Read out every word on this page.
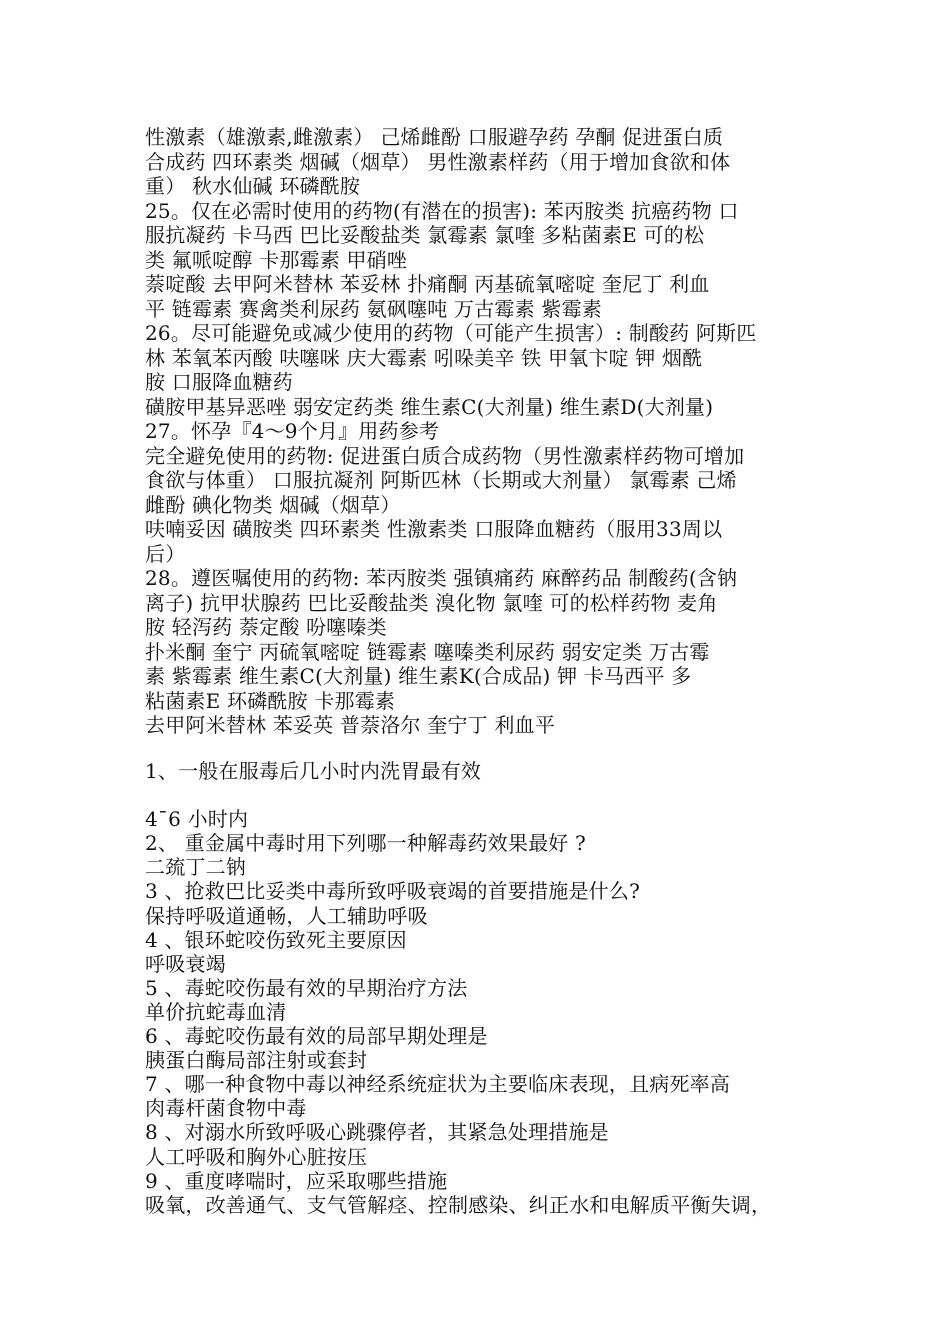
性激素（雄激素,雌激素） 己烯雌酚 口服避孕药 孕酮 促进蛋白质
合成药 四环素类 烟碱（烟草） 男性激素样药（用于增加食欲和体
重） 秋水仙碱 环磷酰胺
25。仅在必需时使用的药物(有潜在的损害): 苯丙胺类 抗癌药物 口
服抗凝药 卡马西 巴比妥酸盐类 氯霉素 氯喹 多粘菌素E 可的松
类 氟哌啶醇 卡那霉素 甲硝唑
萘啶酸 去甲阿米替林 苯妥林 扑痛酮 丙基硫氧嘧啶 奎尼丁 利血
平 链霉素 赛禽类利尿药 氨砜噻吨 万古霉素 紫霉素
26。尽可能避免或减少使用的药物（可能产生损害）: 制酸药 阿斯匹
林 苯氧苯丙酸 呋噻咪 庆大霉素 吲哚美辛 铁 甲氧卞啶 钾 烟酰
胺 口服降血糖药
磺胺甲基异恶唑 弱安定药类 维生素C(大剂量) 维生素D(大剂量)
27。怀孕『4～9个月』用药参考
完全避免使用的药物: 促进蛋白质合成药物（男性激素样药物可增加
食欲与体重） 口服抗凝剂 阿斯匹林（长期或大剂量） 氯霉素 己烯
雌酚 碘化物类 烟碱（烟草）
呋喃妥因 磺胺类 四环素类 性激素类 口服降血糖药（服用33周以
后）
28。遵医嘱使用的药物: 苯丙胺类 强镇痛药 麻醉药品 制酸药(含钠
离子) 抗甲状腺药 巴比妥酸盐类 溴化物 氯喹 可的松样药物 麦角
胺 轻泻药 萘定酸 吩噻嗪类
扑米酮 奎宁 丙硫氧嘧啶 链霉素 噻嗪类利尿药 弱安定类 万古霉
素 紫霉素 维生素C(大剂量) 维生素K(合成品) 钾 卡马西平 多
粘菌素E 环磷酰胺 卡那霉素
去甲阿米替林 苯妥英 普萘洛尔 奎宁丁 利血平
1、一般在服毒后几小时内洗胃最有效
4¯6 小时内
2、 重金属中毒时用下列哪一种解毒药效果最好 ?
二巯丁二钠
3 、抢救巴比妥类中毒所致呼吸衰竭的首要措施是什么?
保持呼吸道通畅，人工辅助呼吸
4 、银环蛇咬伤致死主要原因
呼吸衰竭
5 、毒蛇咬伤最有效的早期治疗方法
单价抗蛇毒血清
6 、毒蛇咬伤最有效的局部早期处理是
胰蛋白酶局部注射或套封
7 、哪一种食物中毒以神经系统症状为主要临床表现，且病死率高
肉毒杆菌食物中毒
8 、对溺水所致呼吸心跳骤停者，其紧急处理措施是
人工呼吸和胸外心脏按压
9 、重度哮喘时，应采取哪些措施
吸氧，改善通气、支气管解痉、控制感染、纠正水和电解质平衡失调，
